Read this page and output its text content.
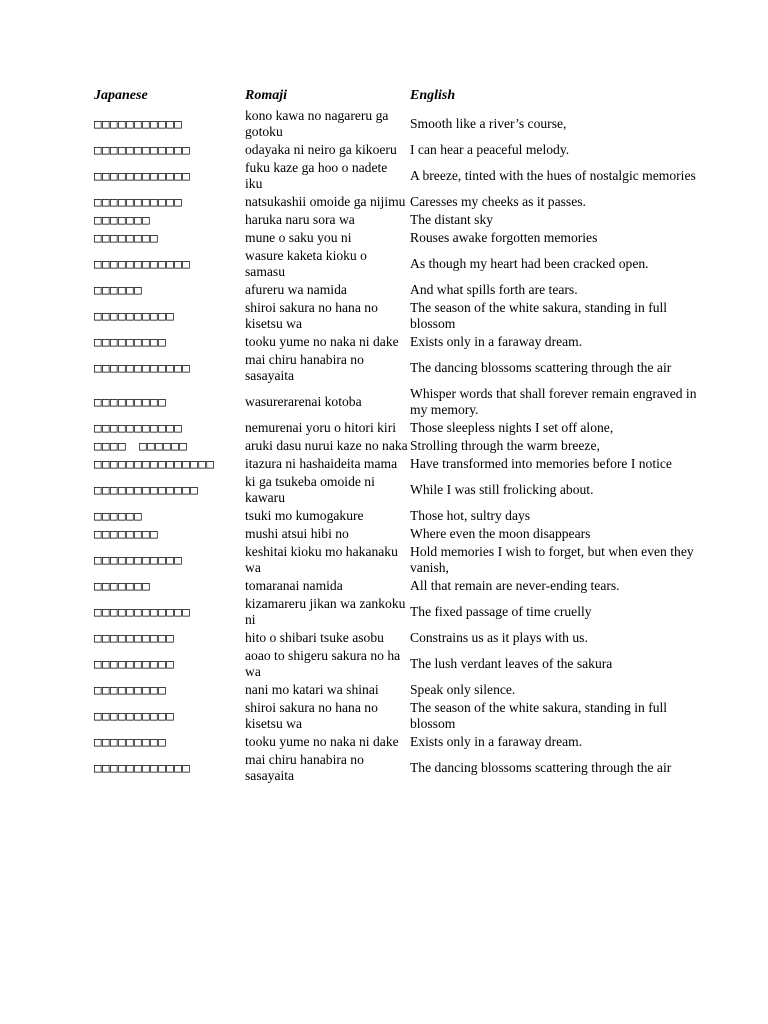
Japanese	Romaji	English
□□□□□□□□□□□	kono kawa no nagareru ga gotoku	Smooth like a river’s course,
□□□□□□□□□□□□	odayaka ni neiro ga kikoeru	I can hear a peaceful melody.
□□□□□□□□□□□□	fuku kaze ga hoo o nadete iku	A breeze, tinted with the hues of nostalgic memories
□□□□□□□□□□□	natsukashii omoide ga nijimu	Caresses my cheeks as it passes.
□□□□□□□	haruka naru sora wa	The distant sky
□□□□□□□□	mune o saku you ni	Rouses awake forgotten memories
□□□□□□□□□□□□	wasure kaketa kioku o samasu	As though my heart had been cracked open.
□□□□□□	afureru wa namida	And what spills forth are tears.
□□□□□□□□□□	shiroi sakura no hana no kisetsu wa	The season of the white sakura, standing in full blossom
□□□□□□□□□	tooku yume no naka ni dake	Exists only in a faraway dream.
□□□□□□□□□□□□	mai chiru hanabira no sasayaita	The dancing blossoms scattering through the air
□□□□□□□□□	wasurerarenai kotoba	Whisper words that shall forever remain engraved in my memory.
□□□□□□□□□□□	nemurenai yoru o hitori kiri	Those sleepless nights I set off alone,
□□□□　□□□□□□	aruki dasu nurui kaze no naka	Strolling through the warm breeze,
□□□□□□□□□□□□□□□	itazura ni hashaideita mama	Have transformed into memories before I notice
□□□□□□□□□□□□□	ki ga tsukeba omoide ni kawaru	While I was still frolicking about.
□□□□□□	tsuki mo kumogakure	Those hot, sultry days
□□□□□□□□	mushi atsui hibi no	Where even the moon disappears
□□□□□□□□□□□	keshitai kioku mo hakanaku wa	Hold memories I wish to forget, but when even they vanish,
□□□□□□□	tomaranai namida	All that remain are never-ending tears.
□□□□□□□□□□□□	kizamareru jikan wa zankoku ni	The fixed passage of time cruelly
□□□□□□□□□□	hito o shibari tsuke asobu	Constrains us as it plays with us.
□□□□□□□□□□	aoao to shigeru sakura no ha wa	The lush verdant leaves of the sakura
□□□□□□□□□	nani mo katari wa shinai	Speak only silence.
□□□□□□□□□□	shiroi sakura no hana no kisetsu wa	The season of the white sakura, standing in full blossom
□□□□□□□□□	tooku yume no naka ni dake	Exists only in a faraway dream.
□□□□□□□□□□□□	mai chiru hanabira no sasayaita	The dancing blossoms scattering through the air
